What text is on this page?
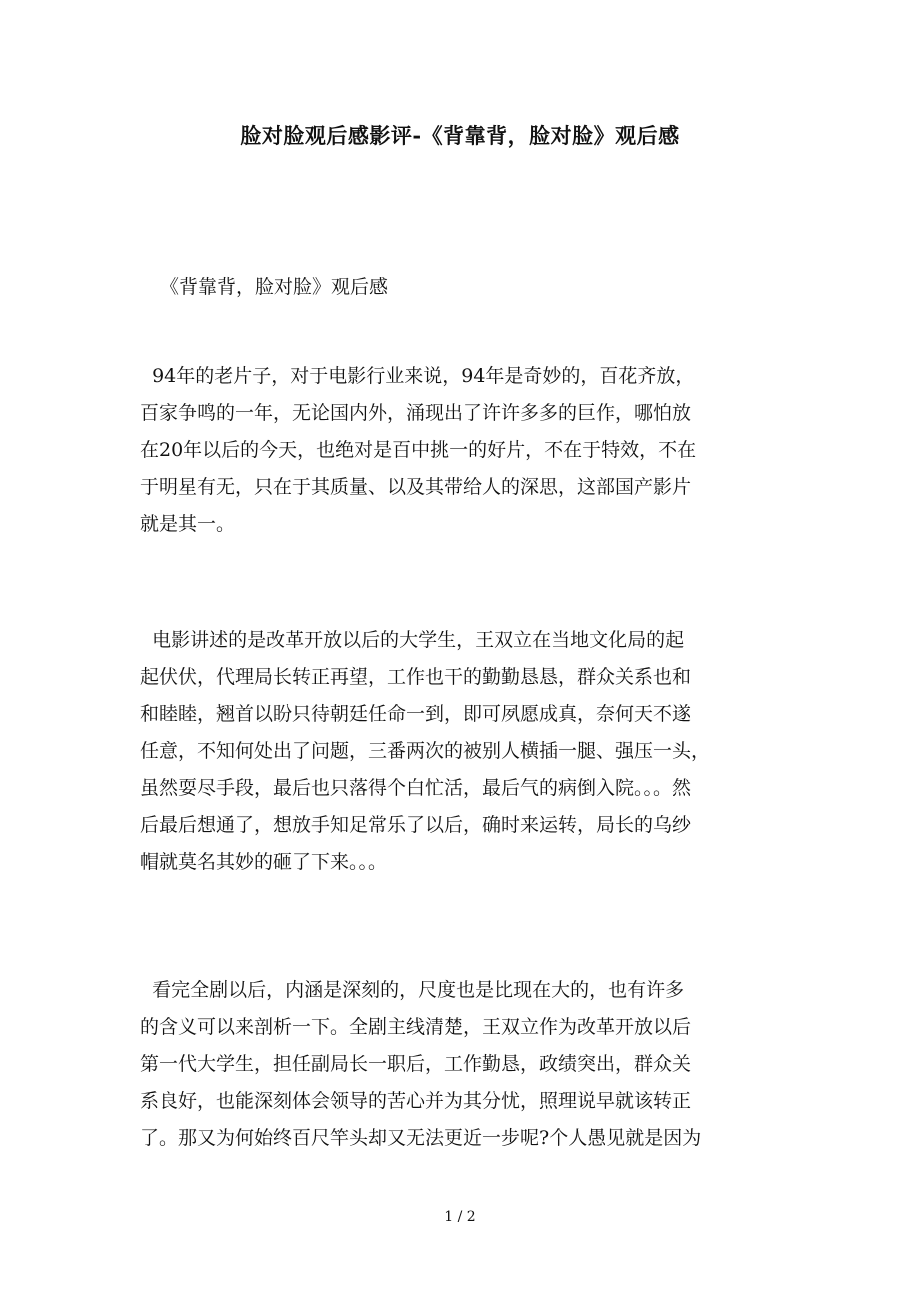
脸对脸观后感影评-《背靠背，脸对脸》观后感
《背靠背，脸对脸》观后感
94年的老片子，对于电影行业来说，94年是奇妙的，百花齐放，
百家争鸣的一年，无论国内外，涌现出了许许多多的巨作，哪怕放
在20年以后的今天，也绝对是百中挑一的好片，不在于特效，不在
于明星有无，只在于其质量、以及其带给人的深思，这部国产影片
就是其一。
电影讲述的是改革开放以后的大学生，王双立在当地文化局的起
起伏伏，代理局长转正再望，工作也干的勤勤恳恳，群众关系也和
和睦睦，翘首以盼只待朝廷任命一到，即可夙愿成真，奈何天不遂
任意，不知何处出了问题，三番两次的被别人横插一腿、强压一头，
虽然耍尽手段，最后也只落得个白忙活，最后气的病倒入院。。。然
后最后想通了，想放手知足常乐了以后，确时来运转，局长的乌纱
帽就莫名其妙的砸了下来。。。
看完全剧以后，内涵是深刻的，尺度也是比现在大的，也有许多
的含义可以来剖析一下。全剧主线清楚，王双立作为改革开放以后
第一代大学生，担任副局长一职后，工作勤恳，政绩突出，群众关
系良好，也能深刻体会领导的苦心并为其分忧，照理说早就该转正
了。那又为何始终百尺竿头却又无法更近一步呢?个人愚见就是因为
1 / 2
